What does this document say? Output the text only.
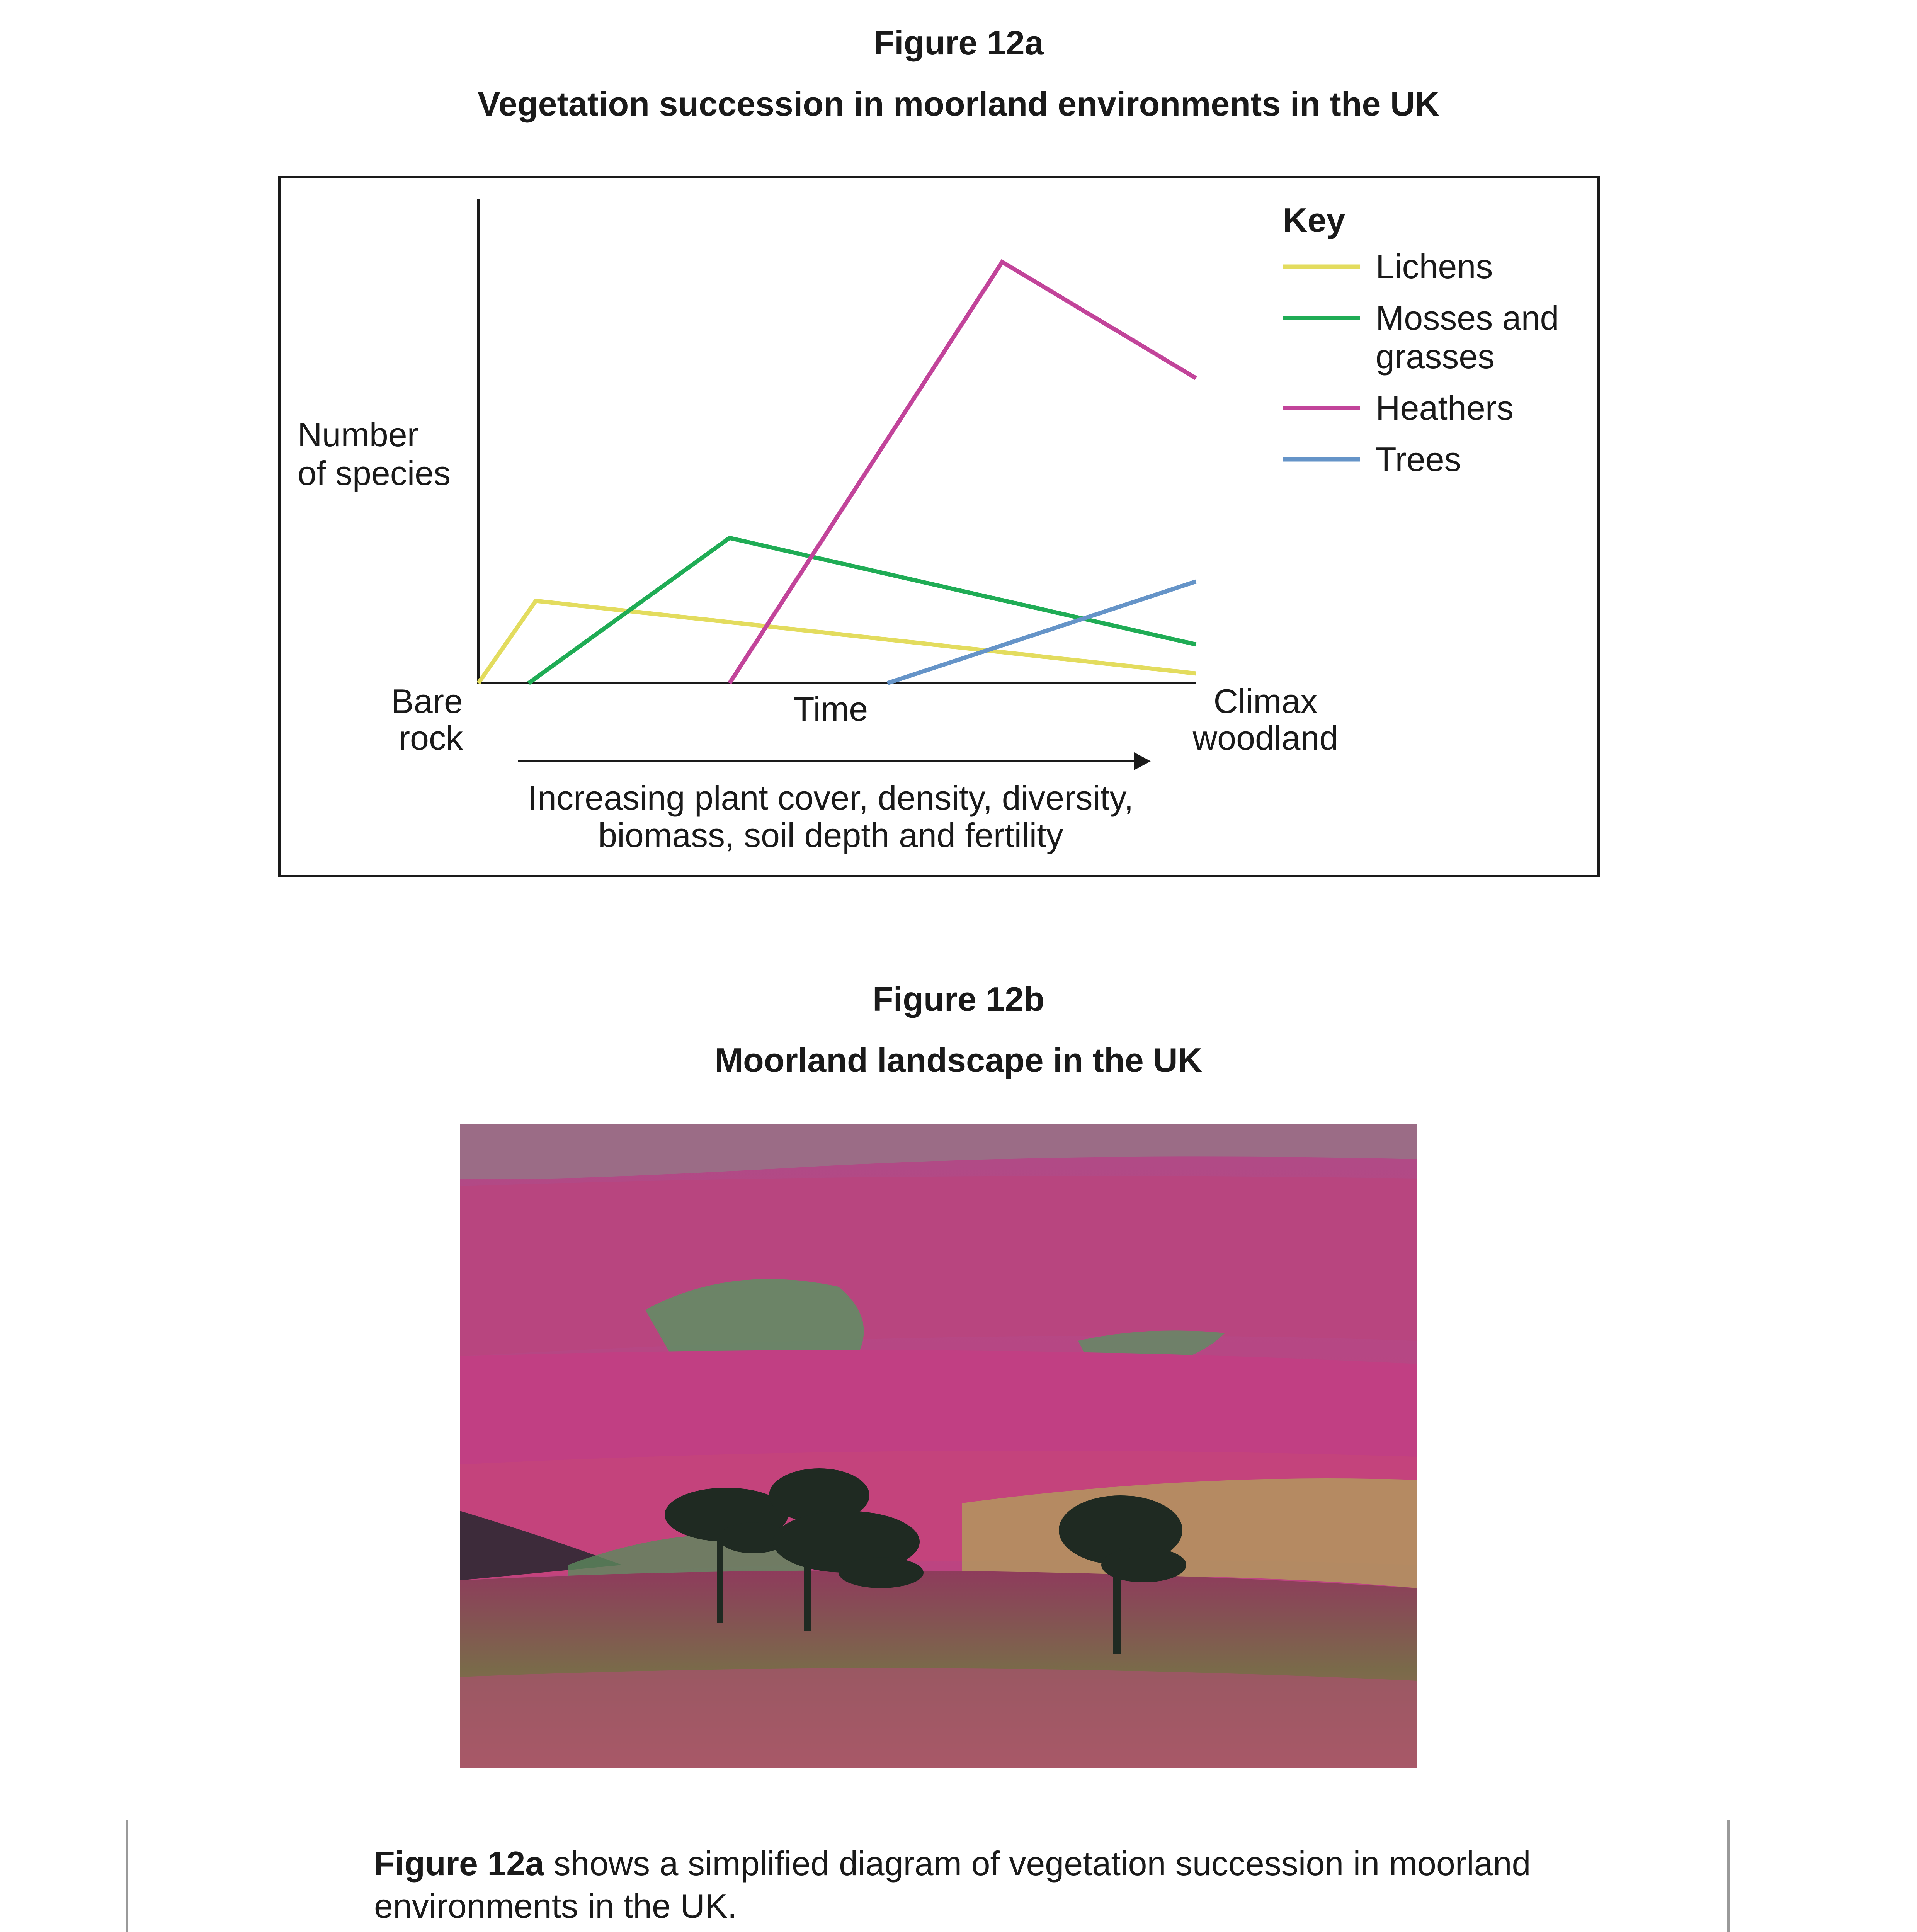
Figure 12a
Vegetation succession in moorland environments in the UK
Number
of species
Bare
rock
Time	Climax
woodland
Increasing plant cover, density, diversity,
biomass, soil depth and fertility
Key
Lichens
Mosses and
grasses
Heathers
Trees
Figure 12b
Moorland landscape in the UK
Figure 12a shows a simplified diagram of vegetation succession in moorland
environments in the UK.
